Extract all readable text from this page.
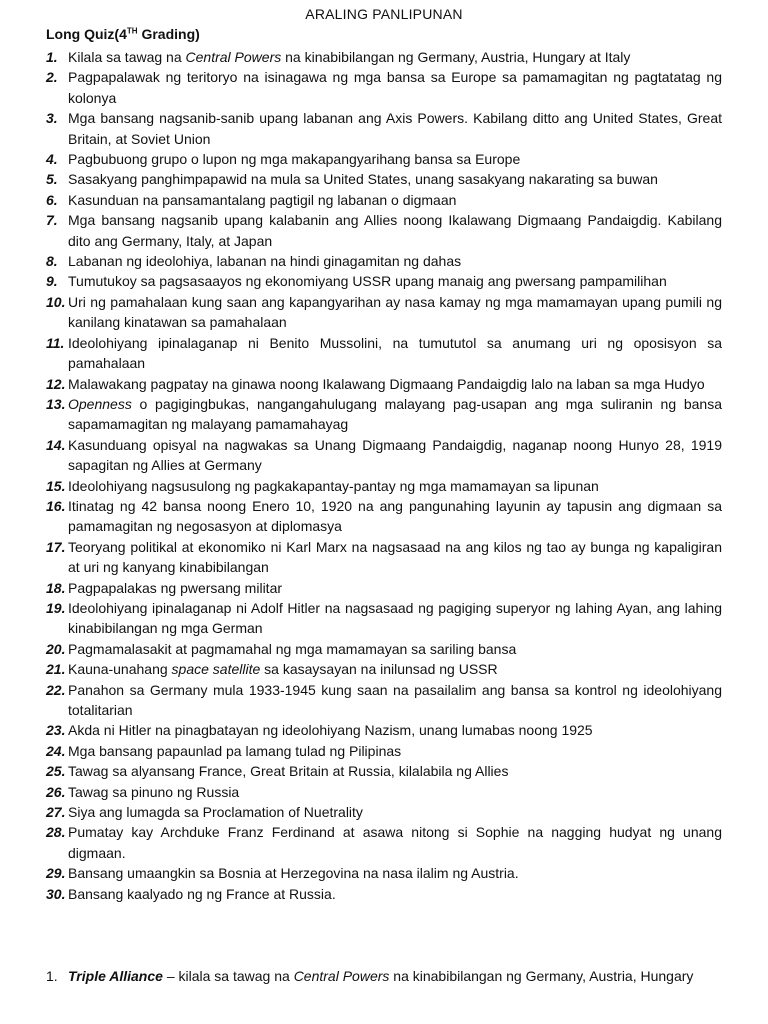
ARALING PANLIPUNAN
Long Quiz(4TH Grading)
1. Kilala sa tawag na Central Powers na kinabibilangan ng Germany, Austria, Hungary at Italy
2. Pagpapalawak ng teritoryo na isinagawa ng mga bansa sa Europe sa pamamagitan ng pagtatatag ng kolonya
3. Mga bansang nagsanib-sanib upang labanan ang Axis Powers. Kabilang ditto ang United States, Great Britain, at Soviet Union
4. Pagbubuong grupo o lupon ng mga makapangyarihang bansa sa Europe
5. Sasakyang panghimpapawid na mula sa United States, unang sasakyang nakarating sa buwan
6. Kasunduan na pansamantalang pagtigil ng labanan o digmaan
7. Mga bansang nagsanib upang kalabanin ang Allies noong Ikalawang Digmaang Pandaigdig. Kabilang dito ang Germany, Italy, at Japan
8. Labanan ng ideolohiya, labanan na hindi ginagamitan ng dahas
9. Tumutukoy sa pagsasaayos ng ekonomiyang USSR upang manaig ang pwersang pampamilihan
10. Uri ng pamahalaan kung saan ang kapangyarihan ay nasa kamay ng mga mamamayan upang pumili ng kanilang kinatawan sa pamahalaan
11. Ideolohiyang ipinalaganap ni Benito Mussolini, na tumututol sa anumang uri ng oposisyon sa pamahalaan
12. Malawakang pagpatay na ginawa noong Ikalawang Digmaang Pandaigdig lalo na laban sa mga Hudyo
13. Openness o pagigingbukas, nangangahulugang malayang pag-usapan ang mga suliranin ng bansa sapamamagitan ng malayang pamamahayag
14. Kasunduang opisyal na nagwakas sa Unang Digmaang Pandaigdig, naganap noong Hunyo 28, 1919 sapagitan ng Allies at Germany
15. Ideolohiyang nagsusulong ng pagkakapantay-pantay ng mga mamamayan sa lipunan
16. Itinatag ng 42 bansa noong Enero 10, 1920 na ang pangunahing layunin ay tapusin ang digmaan sa pamamagitan ng negosasyon at diplomasya
17. Teoryang politikal at ekonomiko ni Karl Marx na nagsasaad na ang kilos ng tao ay bunga ng kapaligiran at uri ng kanyang kinabibilangan
18. Pagpapalakas ng pwersang militar
19. Ideolohiyang ipinalaganap ni Adolf Hitler na nagsasaad ng pagiging superyor ng lahing Ayan, ang lahing kinabibilangan ng mga German
20. Pagmamalasakit at pagmamahal ng mga mamamayan sa sariling bansa
21. Kauna-unahang space satellite sa kasaysayan na inilunsad ng USSR
22. Panahon sa Germany mula 1933-1945 kung saan na pasailalim ang bansa sa kontrol ng ideolohiyang totalitarian
23. Akda ni Hitler na pinagbatayan ng ideolohiyang Nazism, unang lumabas noong 1925
24. Mga bansang papaunlad pa lamang tulad ng Pilipinas
25. Tawag sa alyansang France, Great Britain at Russia, kilalabila ng Allies
26. Tawag sa pinuno ng Russia
27. Siya ang lumagda sa Proclamation of Nuetrality
28. Pumatay kay Archduke Franz Ferdinand at asawa nitong si Sophie na nagging hudyat ng unang digmaan.
29. Bansang umaangkin sa Bosnia at Herzegovina na nasa ilalim ng Austria.
30. Bansang kaalyado ng ng France at Russia.
1. Triple Alliance – kilala sa tawag na Central Powers na kinabibilangan ng Germany, Austria, Hungary
